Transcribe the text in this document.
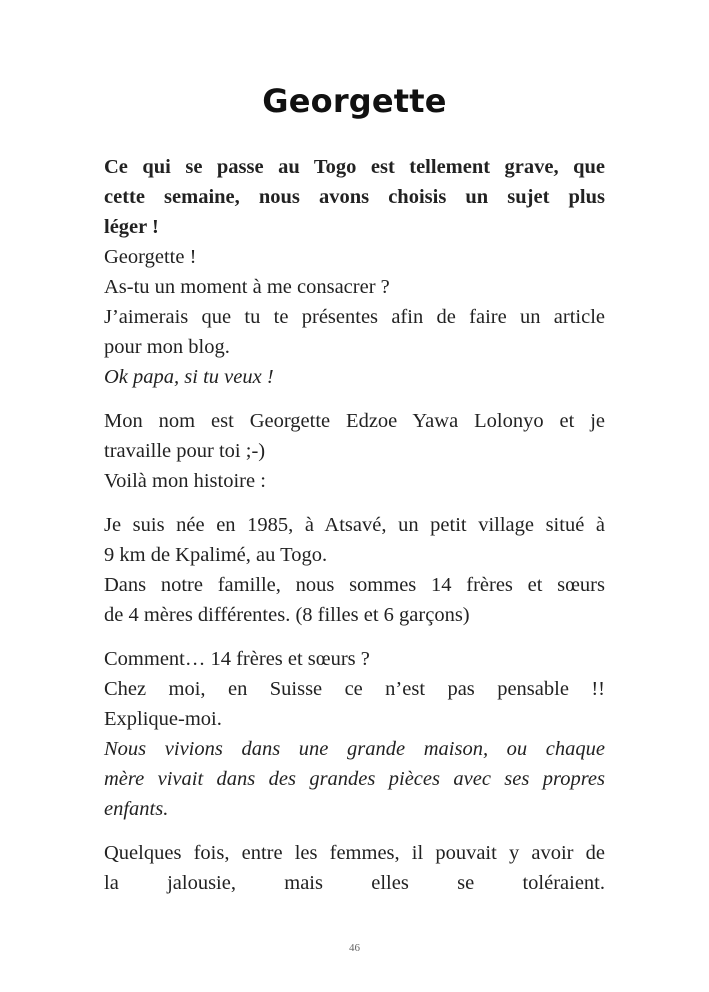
Georgette

Ce qui se passe au Togo est tellement grave, que

cette semaine, nous avons choisis un sujet plus

léger !

Georgette !

As-tu un moment à me consacrer ?

J’aimerais que tu te présentes afin de faire un article

pour mon blog.

Ok papa, si tu veux !

Mon nom est Georgette Edzoe Yawa Lolonyo et je

travaille pour toi ;-)

Voilà mon histoire :

Je suis née en 1985, à Atsavé, un petit village situé à

9 km de Kpalimé, au Togo.

Dans notre famille, nous sommes 14 frères et sœurs

de 4 mères différentes. (8 filles et 6 garçons)

Comment… 14 frères et sœurs ?

Chez moi, en Suisse ce n’est pas pensable !!

Explique-moi.

Nous vivions dans une grande maison, ou chaque

mère vivait dans des grandes pièces avec ses propres

enfants.

Quelques fois, entre les femmes, il pouvait y avoir de

la jalousie, mais elles se toléraient.

46
